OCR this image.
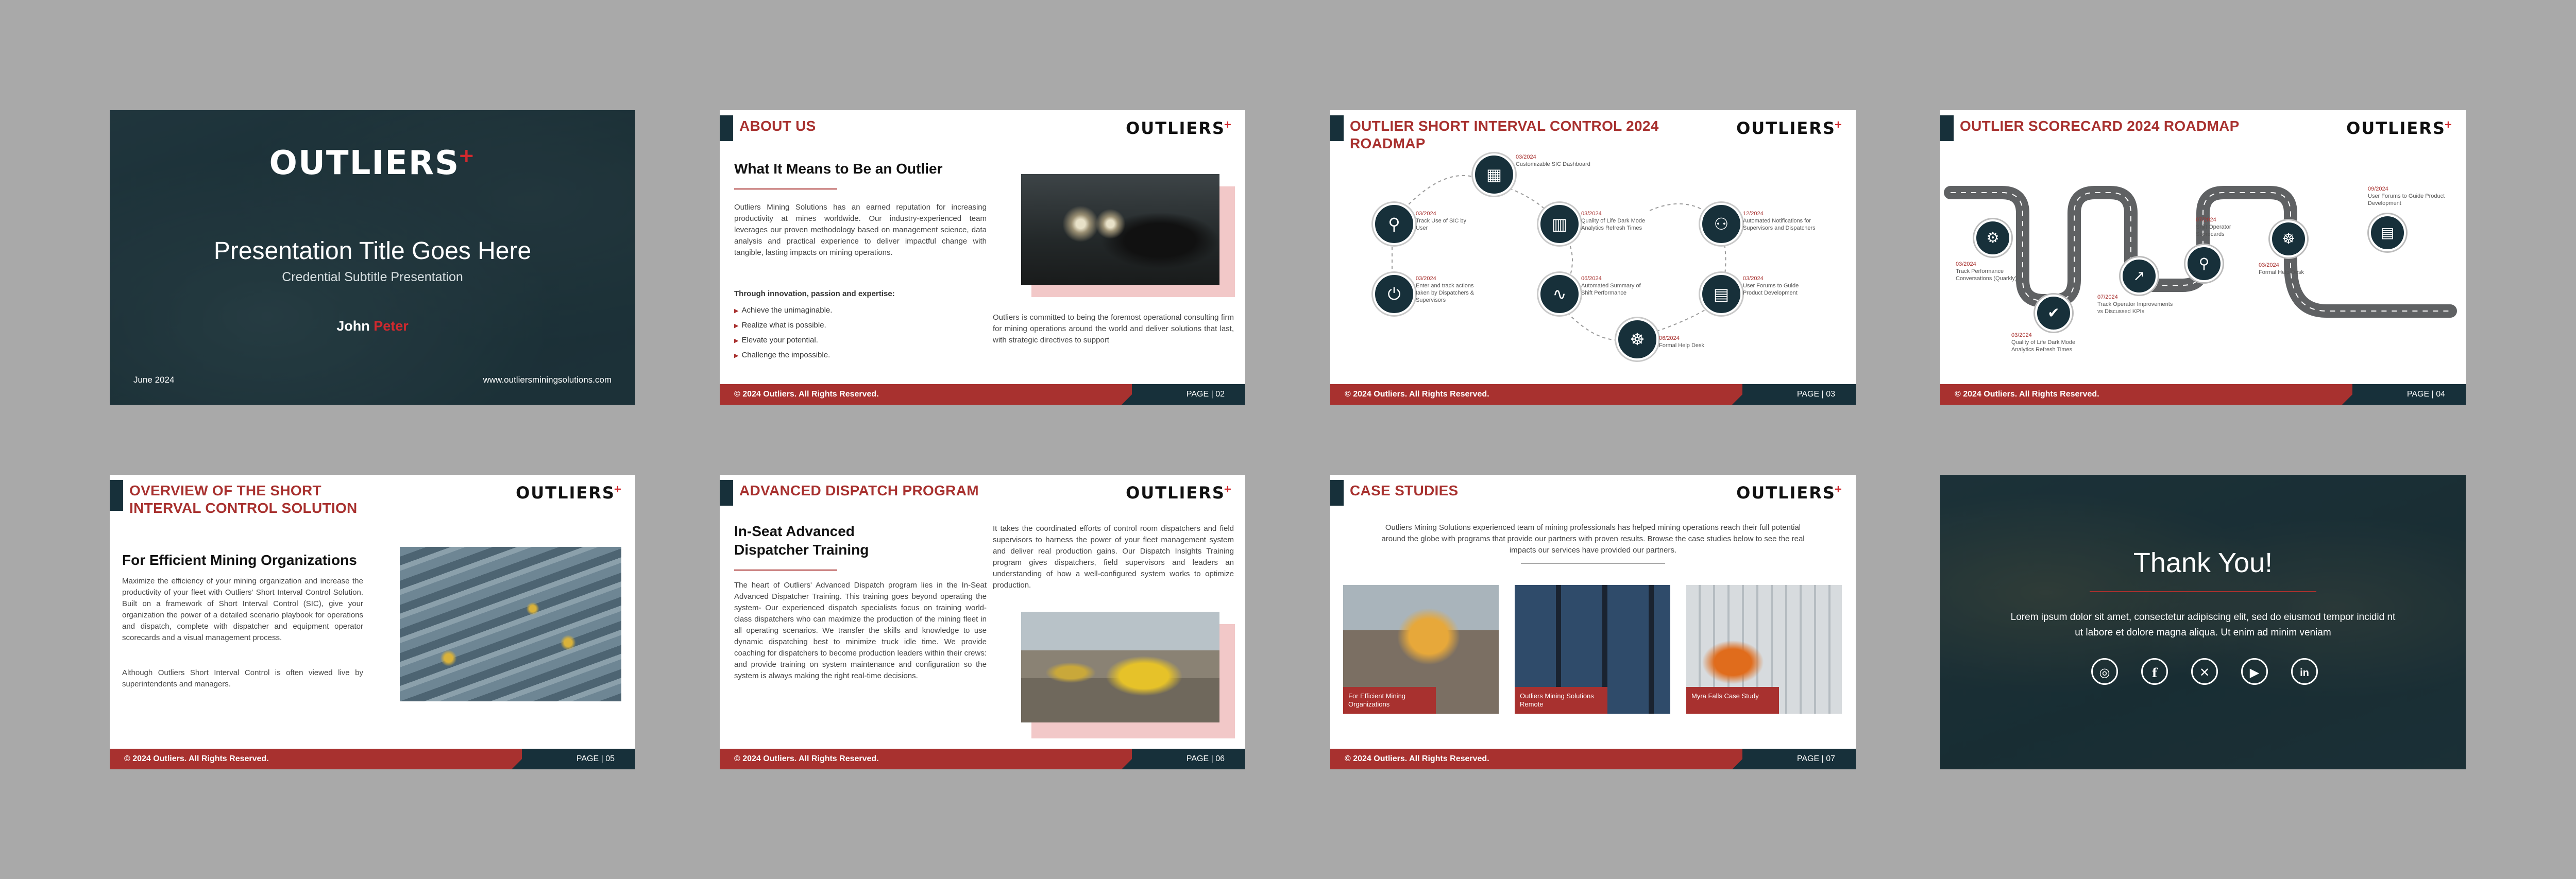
OUTLIERS+
Presentation Title Goes Here
Credential Subtitle Presentation
John Peter
June 2024	www.outliersminingsolutions.com
ABOUT US	OUTLIERS+
What It Means to Be an Outlier
Outliers Mining Solutions has an earned reputation for increasing productivity at mines worldwide. Our industry-experienced team leverages our proven methodology based on management science, data analysis and practical experience to deliver impactful change with tangible, lasting impacts on mining operations.
Through innovation, passion and expertise:
▶ Achieve the unimaginable.
▶ Realize what is possible.
▶ Elevate your potential.
▶ Challenge the impossible.
Outliers is committed to being the foremost operational consulting firm for mining operations around the world and deliver solutions that last, with strategic directives to support
© 2024 Outliers. All Rights Reserved.	PAGE | 02
OUTLIER SHORT INTERVAL CONTROL 2024 ROADMAP
OUTLIERS+
▦
03/2024
Customizable SIC Dashboard
⚲
03/2024
Track Use of SIC by User	▥
03/2024
Quality of Life Dark Mode Analytics Refresh Times	⚇
12/2024
Automated Notifications for Supervisors and Dispatchers
⏻
03/2024
Enter and track actions taken by Dispatchers & Supervisors	∿
06/2024
Automated Summary of Shift Performance	▤
03/2024
User Forums to Guide Product Development
☸	06/2024
Formal Help Desk
© 2024 Outliers. All Rights Reserved.	PAGE | 03
OUTLIER SCORECARD 2024 ROADMAP	OUTLIERS+
⚙
03/2024
Track Performance Conversations (Quarkly)
✔
03/2024
Quality of Life Dark Mode Analytics Refresh Times
↗
07/2024
Track Operator Improvements vs Discussed KPIs
⚲
07/2024
Shift Operator Scorecards	☸
03/2024
Formal Help Desk
09/2024
User Forums to Guide Product Development
▤
© 2024 Outliers. All Rights Reserved.	PAGE | 04
OVERVIEW OF THE SHORT INTERVAL CONTROL SOLUTION
OUTLIERS+
For Efficient Mining Organizations
Maximize the efficiency of your mining organization and increase the productivity of your fleet with Outliers' Short Interval Control Solution. Built on a framework of Short Interval Control (SIC), give your organization the power of a detailed scenario playbook for operations and dispatch, complete with dispatcher and equipment operator scorecards and a visual management process.
Although Outliers Short Interval Control is often viewed live by superintendents and managers.
© 2024 Outliers. All Rights Reserved.	PAGE | 05
ADVANCED DISPATCH PROGRAM	OUTLIERS+
In-Seat Advanced Dispatcher Training
The heart of Outliers' Advanced Dispatch program lies in the In-Seat Advanced Dispatcher Training. This training goes beyond operating the system- Our experienced dispatch specialists focus on training world-class dispatchers who can maximize the production of the mining fleet in all operating scenarios. We transfer the skills and knowledge to use dynamic dispatching best to minimize truck idle time. We provide coaching for dispatchers to become production leaders within their crews: and provide training on system maintenance and configuration so the system is always making the right real-time decisions.
It takes the coordinated efforts of control room dispatchers and field supervisors to harness the power of your fleet management system and deliver real production gains. Our Dispatch Insights Training program gives dispatchers, field supervisors and leaders an understanding of how a well-configured system works to optimize production.
© 2024 Outliers. All Rights Reserved.	PAGE | 06
CASE STUDIES	OUTLIERS+
Outliers Mining Solutions experienced team of mining professionals has helped mining operations reach their full potential around the globe with programs that provide our partners with proven results. Browse the case studies below to see the real impacts our services have provided our partners.
For Efficient Mining Organizations
Outliers Mining Solutions Remote
Myra Falls Case Study
© 2024 Outliers. All Rights Reserved.	PAGE | 07
Thank You!
Lorem ipsum dolor sit amet, consectetur adipiscing elit, sed do eiusmod tempor incidid nt ut labore et dolore magna aliqua. Ut enim ad minim veniam
◎	f	✕	▶	in
